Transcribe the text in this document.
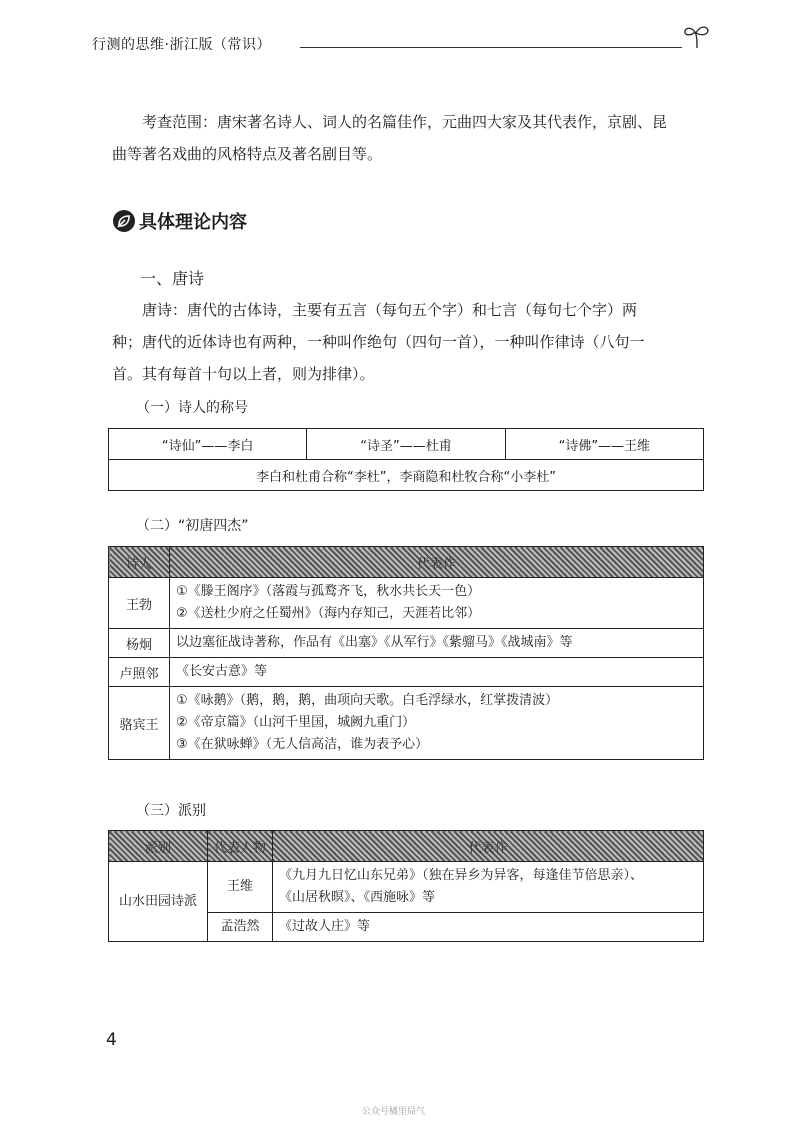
行测的思维·浙江版（常识）

考查范围：唐宋著名诗人、词人的名篇佳作，元曲四大家及其代表作，京剧、昆

曲等著名戏曲的风格特点及著名剧目等。

具体理论内容
一、唐诗

唐诗：唐代的古体诗，主要有五言（每句五个字）和七言（每句七个字）两

种；唐代的近体诗也有两种，一种叫作绝句（四句一首），一种叫作律诗（八句一

首。其有每首十句以上者，则为排律）。

（一）诗人的称号
“诗仙”——李白	“诗圣”——杜甫	“诗佛”——王维
李白和杜甫合称“李杜”，李商隐和杜牧合称“小李杜”
（二）“初唐四杰”
诗人	代表作
王勃	①《滕王阁序》（落霞与孤鹜齐飞，秋水共长天一色）
②《送杜少府之任蜀州》（海内存知己，天涯若比邻）

杨炯	以边塞征战诗著称，作品有《出塞》《从军行》《紫骝马》《战城南》等

卢照邻	《长安古意》等

骆宾王	①《咏鹅》（鹅，鹅，鹅，曲项向天歌。白毛浮绿水，红掌拨清波）
②《帝京篇》（山河千里国，城阙九重门）
③《在狱咏蝉》（无人信高洁，谁为表予心）
（三）派别
派别	代表人物	代表作
山水田园诗派	王维	《九月九日忆山东兄弟》（独在异乡为异客，每逢佳节倍思亲）、
《山居秋暝》、《西施咏》等

	孟浩然	《过故人庄》等
4
公众号橘里局气
